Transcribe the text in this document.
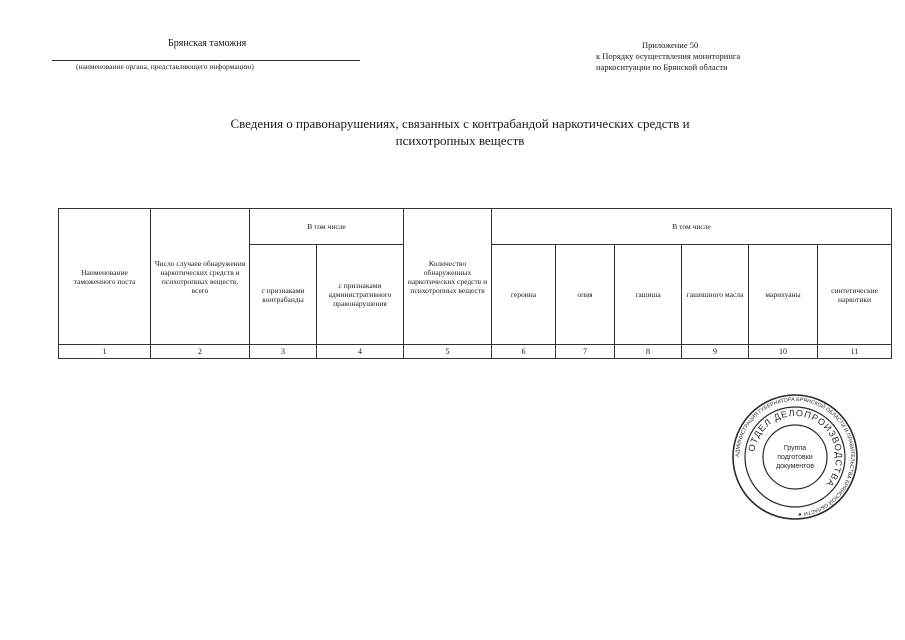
Брянская таможня
(наименование органа, представляющего информацию)
Приложение 50
к Порядку осуществления мониторинга
наркоситуации по Брянской области
Сведения о правонарушениях, связанных с контрабандой наркотических средств и
психотропных веществ
Наименование таможенного поста	Число случаев обнаружения наркотических средств и психотропных веществ, всего	В том числе		Количество обнаруженных наркотических средств и психотропных веществ	В том числе					
		с признаками контрабанды	с признаками административного правонарушения		героина	опия	гашиша	гашишного масла	марихуаны	синтетические наркотики
1	2	3	4	5	6	7	8	9	10	11
АДМИНИСТРАЦИЯ ГУБЕРНАТОРА БРЯНСКОЙ ОБЛАСТИ И ПРАВИТЕЛЬСТВА БРЯНСКОЙ ОБЛАСТИ ★
ОТДЕЛ ДЕЛОПРОИЗВОДСТВА
Группа
подготовки
документов
